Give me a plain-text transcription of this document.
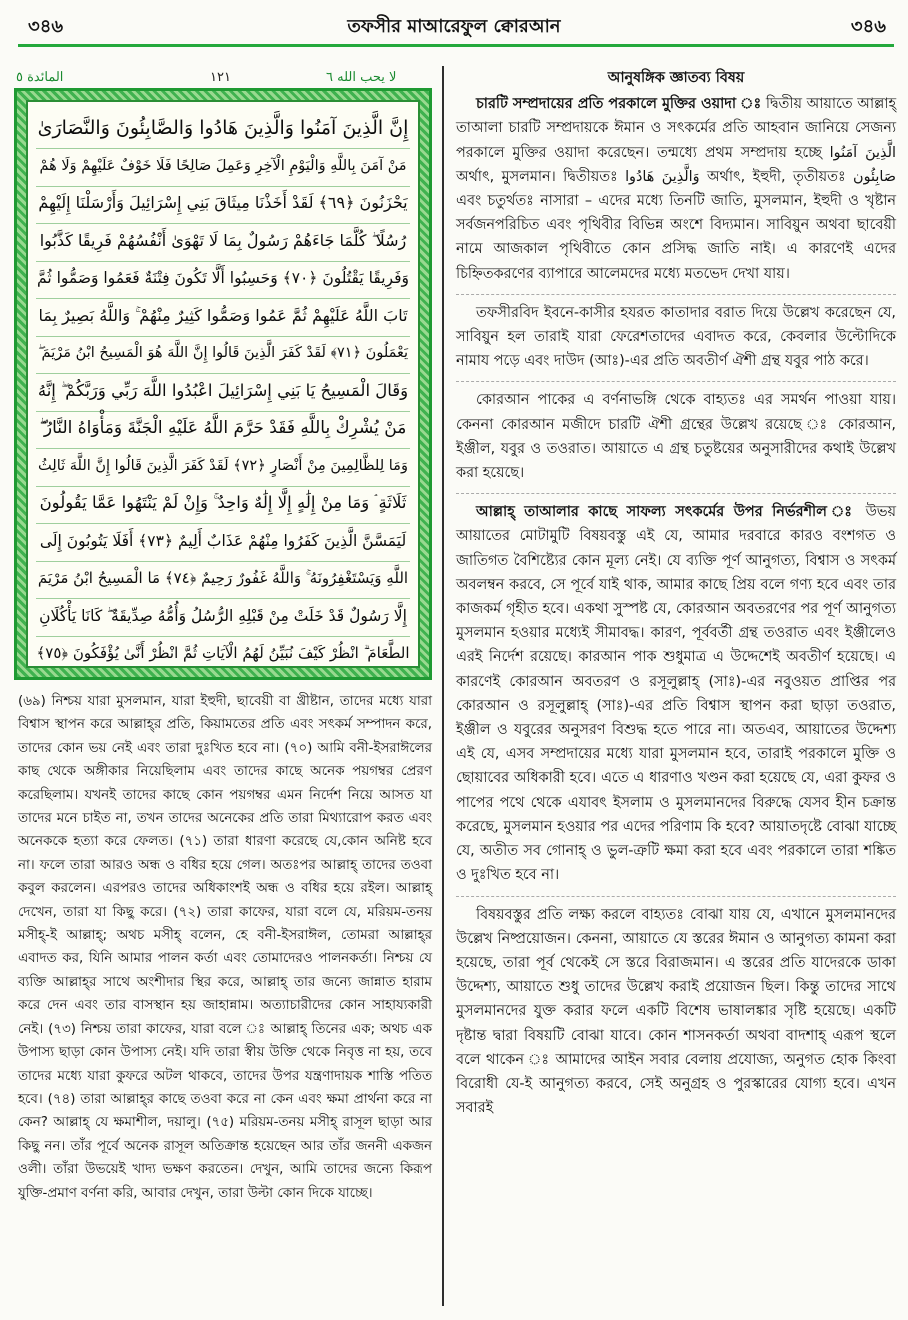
৩৪৬	তফসীর মাআরেফুল ক্বোরআন	৩৪৬
المائدة ٥	١٢١	لا يحب الله ٦
إِنَّ الَّذِينَ آمَنُوا وَالَّذِينَ هَادُوا وَالصَّابِئُونَ وَالنَّصَارَىٰ
مَنْ آمَنَ بِاللَّهِ وَالْيَوْمِ الْآخِرِ وَعَمِلَ صَالِحًا فَلَا خَوْفٌ عَلَيْهِمْ وَلَا هُمْ
يَحْزَنُونَ ﴿٦٩﴾ لَقَدْ أَخَذْنَا مِيثَاقَ بَنِي إِسْرَائِيلَ وَأَرْسَلْنَا إِلَيْهِمْ
رُسُلًا ۖ كُلَّمَا جَاءَهُمْ رَسُولٌ بِمَا لَا تَهْوَىٰ أَنْفُسُهُمْ فَرِيقًا كَذَّبُوا
وَفَرِيقًا يَقْتُلُونَ ﴿٧٠﴾ وَحَسِبُوا أَلَّا تَكُونَ فِتْنَةٌ فَعَمُوا وَصَمُّوا ثُمَّ
تَابَ اللَّهُ عَلَيْهِمْ ثُمَّ عَمُوا وَصَمُّوا كَثِيرٌ مِنْهُمْ ۚ وَاللَّهُ بَصِيرٌ بِمَا
يَعْمَلُونَ ﴿٧١﴾ لَقَدْ كَفَرَ الَّذِينَ قَالُوا إِنَّ اللَّهَ هُوَ الْمَسِيحُ ابْنُ مَرْيَمَ ۖ
وَقَالَ الْمَسِيحُ يَا بَنِي إِسْرَائِيلَ اعْبُدُوا اللَّهَ رَبِّي وَرَبَّكُمْ ۖ إِنَّهُ
مَنْ يُشْرِكْ بِاللَّهِ فَقَدْ حَرَّمَ اللَّهُ عَلَيْهِ الْجَنَّةَ وَمَأْوَاهُ النَّارُ ۖ
وَمَا لِلظَّالِمِينَ مِنْ أَنْصَارٍ ﴿٧٢﴾ لَقَدْ كَفَرَ الَّذِينَ قَالُوا إِنَّ اللَّهَ ثَالِثُ
ثَلَاثَةٍ ۘ وَمَا مِنْ إِلَٰهٍ إِلَّا إِلَٰهٌ وَاحِدٌ ۚ وَإِنْ لَمْ يَنْتَهُوا عَمَّا يَقُولُونَ
لَيَمَسَّنَّ الَّذِينَ كَفَرُوا مِنْهُمْ عَذَابٌ أَلِيمٌ ﴿٧٣﴾ أَفَلَا يَتُوبُونَ إِلَى
اللَّهِ وَيَسْتَغْفِرُونَهُ ۚ وَاللَّهُ غَفُورٌ رَحِيمٌ ﴿٧٤﴾ مَا الْمَسِيحُ ابْنُ مَرْيَمَ
إِلَّا رَسُولٌ قَدْ خَلَتْ مِنْ قَبْلِهِ الرُّسُلُ وَأُمُّهُ صِدِّيقَةٌ ۖ كَانَا يَأْكُلَانِ
الطَّعَامَ ۗ انْظُرْ كَيْفَ نُبَيِّنُ لَهُمُ الْآيَاتِ ثُمَّ انْظُرْ أَنَّىٰ يُؤْفَكُونَ ﴿٧٥﴾

(৬৯) নিশ্চয় যারা মুসলমান, যারা ইহুদী, ছাবেয়ী বা খ্রীষ্টান, তাদের মধ্যে যারা বিশ্বাস স্থাপন করে আল্লাহ্‌র প্রতি, কিয়ামতের প্রতি এবং সৎকর্ম সম্পাদন করে, তাদের কোন ভয় নেই এবং তারা দুঃখিত হবে না। (৭০) আমি বনী-ইসরাঈলের কাছ থেকে অঙ্গীকার নিয়েছিলাম এবং তাদের কাছে অনেক পয়গম্বর প্রেরণ করেছিলাম। যখনই তাদের কাছে কোন পয়গম্বর এমন নির্দেশ নিয়ে আসত যা তাদের মনে চাইত না, তখন তাদের অনেকের প্রতি তারা মিথ্যারোপ করত এবং অনেককে হত্যা করে ফেলত। (৭১) তারা ধারণা করেছে যে,কোন অনিষ্ট হবে না। ফলে তারা আরও অন্ধ ও বধির হয়ে গেল। অতঃপর আল্লাহ্‌ তাদের তওবা কবুল করলেন। এরপরও তাদের অধিকাংশই অন্ধ ও বধির হয়ে রইল। আল্লাহ্‌ দেখেন, তারা যা কিছু করে। (৭২) তারা কাফের, যারা বলে যে, মরিয়ম-তনয় মসীহ্‌-ই আল্লাহ্‌; অথচ মসীহ্‌ বলেন, হে বনী-ইসরাঈল, তোমরা আল্লাহ্‌র এবাদত কর, যিনি আমার পালন কর্তা এবং তোমাদেরও পালনকর্তা। নিশ্চয় যে ব্যক্তি আল্লাহ্‌র সাথে অংশীদার স্থির করে, আল্লাহ্‌ তার জন্যে জান্নাত হারাম করে দেন এবং তার বাসস্থান হয় জাহান্নাম। অত্যাচারীদের কোন সাহায্যকারী নেই। (৭৩) নিশ্চয় তারা কাফের, যারা বলে ঃ আল্লাহ্‌ তিনের এক; অথচ এক উপাস্য ছাড়া কোন উপাস্য নেই। যদি তারা স্বীয় উক্তি থেকে নিবৃত্ত না হয়, তবে তাদের মধ্যে যারা কুফরে অটল থাকবে, তাদের উপর যন্ত্রণাদায়ক শাস্তি পতিত হবে। (৭৪) তারা আল্লাহ্‌র কাছে তওবা করে না কেন এবং ক্ষমা প্রার্থনা করে না কেন? আল্লাহ্‌ যে ক্ষমাশীল, দয়ালু। (৭৫) মরিয়ম-তনয় মসীহ্‌ রাসূল ছাড়া আর কিছু নন। তাঁর পূর্বে অনেক রাসূল অতিক্রান্ত হয়েছেন আর তাঁর জননী একজন ওলী। তাঁরা উভয়েই খাদ্য ভক্ষণ করতেন। দেখুন, আমি তাদের জন্যে কিরূপ যুক্তি-প্রমাণ বর্ণনা করি, আবার দেখুন, তারা উল্টা কোন দিকে যাচ্ছে।

আনুষঙ্গিক জ্ঞাতব্য বিষয়

চারটি সম্প্রদায়ের প্রতি পরকালে মুক্তির ওয়াদা ঃ দ্বিতীয় আয়াতে আল্লাহ্‌ তাআলা চারটি সম্প্রদায়কে ঈমান ও সৎকর্মের প্রতি আহবান জানিয়ে সেজন্য পরকালে মুক্তির ওয়াদা করেছেন। তন্মধ্যে প্রথম সম্প্রদায় হচ্ছে الَّذِينَ آمَنُوا অর্থাৎ, মুসলমান। দ্বিতীয়তঃ وَالَّذِينَ هَادُوا অর্থাৎ, ইহুদী, তৃতীয়তঃ صَابِئُون এবং চতুর্থতঃ নাসারা – এদের মধ্যে তিনটি জাতি, মুসলমান, ইহুদী ও খৃষ্টান সর্বজনপরিচিত এবং পৃথিবীর বিভিন্ন অংশে বিদ্যমান। সাবিয়ুন অথবা ছাবেয়ী নামে আজকাল পৃথিবীতে কোন প্রসিদ্ধ জাতি নাই। এ কারণেই এদের চিহ্নিতকরণের ব্যাপারে আলেমদের মধ্যে মতভেদ দেখা যায়।

তফসীরবিদ ইবনে-কাসীর হযরত কাতাদার বরাত দিয়ে উল্লেখ করেছেন যে, সাবিয়ুন হল তারাই যারা ফেরেশতাদের এবাদত করে, কেবলার উল্টোদিকে নামায পড়ে এবং দাউদ (আঃ)-এর প্রতি অবতীর্ণ ঐশী গ্রন্থ যবুর পাঠ করে।

কোরআন পাকের এ বর্ণনাভঙ্গি থেকে বাহ্যতঃ এর সমর্থন পাওয়া যায়। কেননা কোরআন মজীদে চারটি ঐশী গ্রন্থের উল্লেখ রয়েছে ঃ কোরআন, ইঞ্জীল, যবুর ও তওরাত। আয়াতে এ গ্রন্থ চতুষ্টয়ের অনুসারীদের কথাই উল্লেখ করা হয়েছে।

আল্লাহ্‌ তাআলার কাছে সাফল্য সৎকর্মের উপর নির্ভরশীল ঃ উভয় আয়াতের মোটামুটি বিষয়বস্তু এই যে, আমার দরবারে কারও বংশগত ও জাতিগত বৈশিষ্ট্যের কোন মূল্য নেই। যে ব্যক্তি পূর্ণ আনুগত্য, বিশ্বাস ও সৎকর্ম অবলম্বন করবে, সে পূর্বে যাই থাক, আমার কাছে প্রিয় বলে গণ্য হবে এবং তার কাজকর্ম গৃহীত হবে। একথা সুস্পষ্ট যে, কোরআন অবতরণের পর পূর্ণ আনুগত্য মুসলমান হওয়ার মধ্যেই সীমাবদ্ধ। কারণ, পূর্ববর্তী গ্রন্থ তওরাত এবং ইঞ্জীলেও এরই নির্দেশ রয়েছে। কারআন পাক শুধুমাত্র এ উদ্দেশেই অবতীর্ণ হয়েছে। এ কারণেই কোরআন অবতরণ ও রসূলুল্লাহ্‌ (সাঃ)-এর নবুওয়ত প্রাপ্তির পর কোরআন ও রসূলুল্লাহ্‌ (সাঃ)-এর প্রতি বিশ্বাস স্থাপন করা ছাড়া তওরাত, ইঞ্জীল ও যবুরের অনুসরণ বিশুদ্ধ হতে পারে না। অতএব, আয়াতের উদ্দেশ্য এই যে, এসব সম্প্রদায়ের মধ্যে যারা মুসলমান হবে, তারাই পরকালে মুক্তি ও ছোয়াবের অধিকারী হবে। এতে এ ধারণাও খণ্ডন করা হয়েছে যে, এরা কুফর ও পাপের পথে থেকে এযাবৎ ইসলাম ও মুসলমানদের বিরুদ্ধে যেসব হীন চক্রান্ত করেছে, মুসলমান হওয়ার পর এদের পরিণাম কি হবে? আয়াতদৃষ্টে বোঝা যাচ্ছে যে, অতীত সব গোনাহ্‌ ও ভুল-ত্রুটি ক্ষমা করা হবে এবং পরকালে তারা শঙ্কিত ও দুঃখিত হবে না।

বিষয়বস্তুর প্রতি লক্ষ্য করলে বাহ্যতঃ বোঝা যায় যে, এখানে মুসলমানদের উল্লেখ নিষ্প্রয়োজন। কেননা, আয়াতে যে স্তরের ঈমান ও আনুগত্য কামনা করা হয়েছে, তারা পূর্ব থেকেই সে স্তরে বিরাজমান। এ স্তরের প্রতি যাদেরকে ডাকা উদ্দেশ্য, আয়াতে শুধু তাদের উল্লেখ করাই প্রয়োজন ছিল। কিন্তু তাদের সাথে মুসলমানদের যুক্ত করার ফলে একটি বিশেষ ভাষালঙ্কার সৃষ্টি হয়েছে। একটি দৃষ্টান্ত দ্বারা বিষয়টি বোঝা যাবে। কোন শাসনকর্তা অথবা বাদশাহ্‌ এরূপ স্থলে বলে থাকেন ঃ আমাদের আইন সবার বেলায় প্রযোজ্য, অনুগত হোক কিংবা বিরোধী যে-ই আনুগত্য করবে, সেই অনুগ্রহ ও পুরস্কারের যোগ্য হবে। এখন সবারই
